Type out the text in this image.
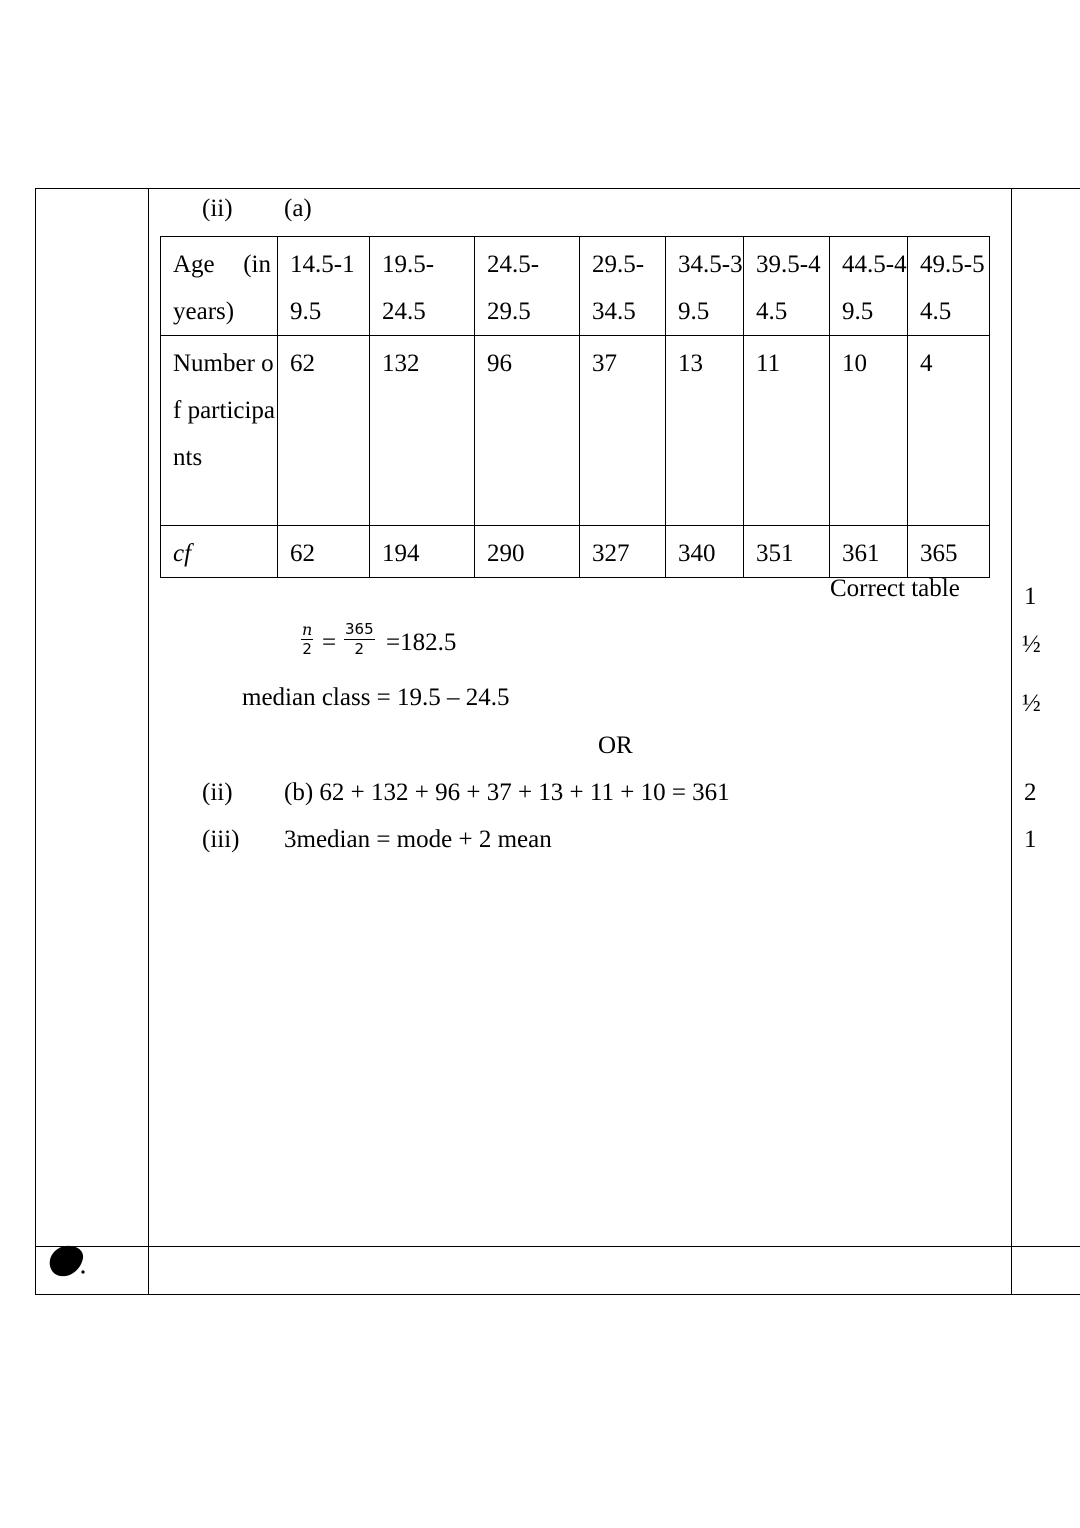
(ii) (a)
Age (in years)	14.5-19.5	19.5-24.5	24.5-29.5	29.5-34.5	34.5-39.5	39.5-44.5	44.5-49.5	49.5-54.5
Number of participants	62	132	96	37	13	11	10	4
cf	62	194	290	327	340	351	361	365
Correct table	1
$\frac{n}{2} = \frac{365}{2} =182.5$	½
median class = 19.5 – 24.5	½
OR
(ii) (b) 62 + 132 + 96 + 37 + 13 + 11 + 10 = 361	2
(iii) 3median = mode + 2 mean	1
